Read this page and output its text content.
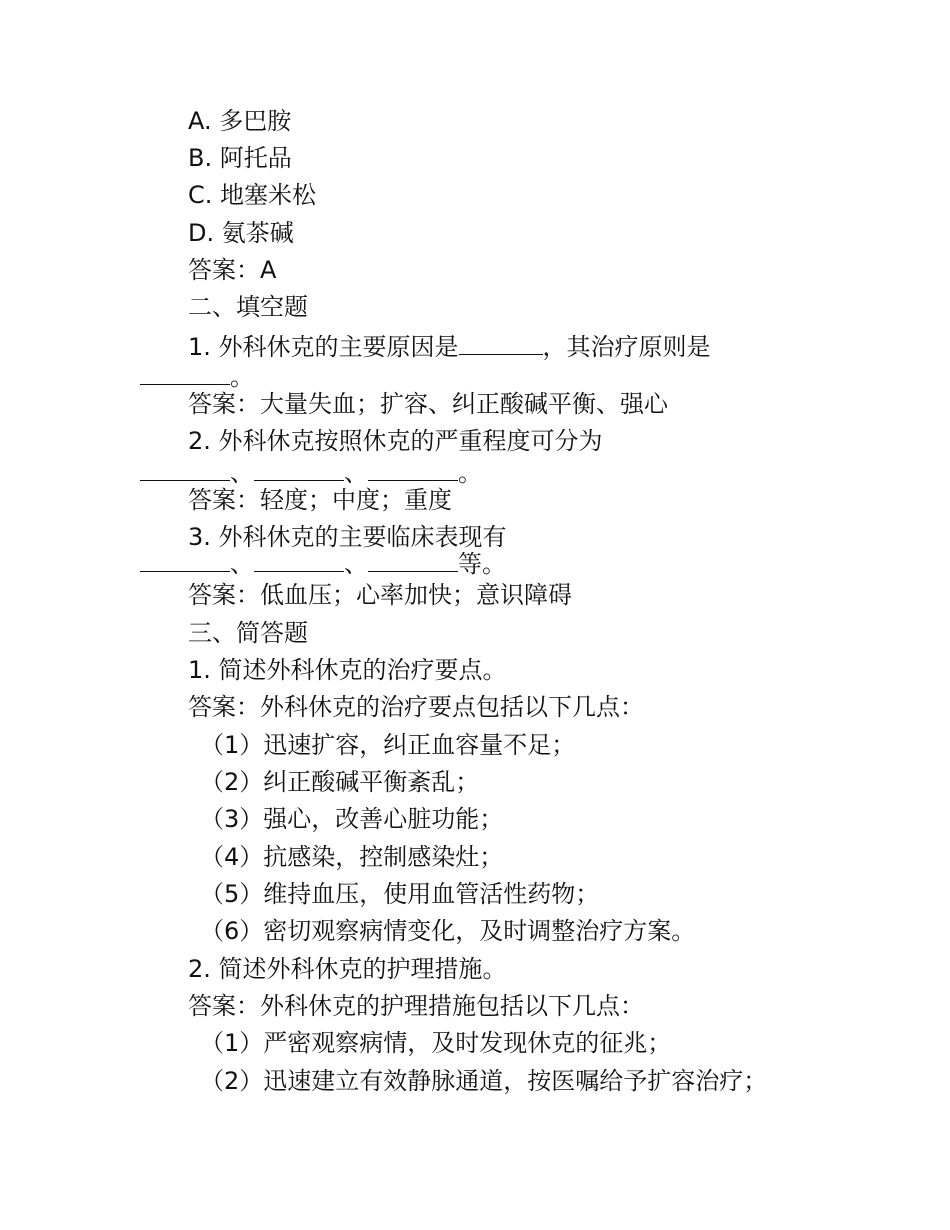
A. 多巴胺
B. 阿托品
C. 地塞米松
D. 氨茶碱
答案：A
二、填空题
1. 外科休克的主要原因是	，其治疗原则是
。
答案：大量失血；扩容、纠正酸碱平衡、强心
2. 外科休克按照休克的严重程度可分为
、	、	。
答案：轻度；中度；重度
3. 外科休克的主要临床表现有
、	、	等。
答案：低血压；心率加快；意识障碍
三、简答题
1. 简述外科休克的治疗要点。
答案：外科休克的治疗要点包括以下几点：
（1）迅速扩容，纠正血容量不足；
（2）纠正酸碱平衡紊乱；
（3）强心，改善心脏功能；
（4）抗感染，控制感染灶；
（5）维持血压，使用血管活性药物；
（6）密切观察病情变化，及时调整治疗方案。
2. 简述外科休克的护理措施。
答案：外科休克的护理措施包括以下几点：
（1）严密观察病情，及时发现休克的征兆；
（2）迅速建立有效静脉通道，按医嘱给予扩容治疗；
